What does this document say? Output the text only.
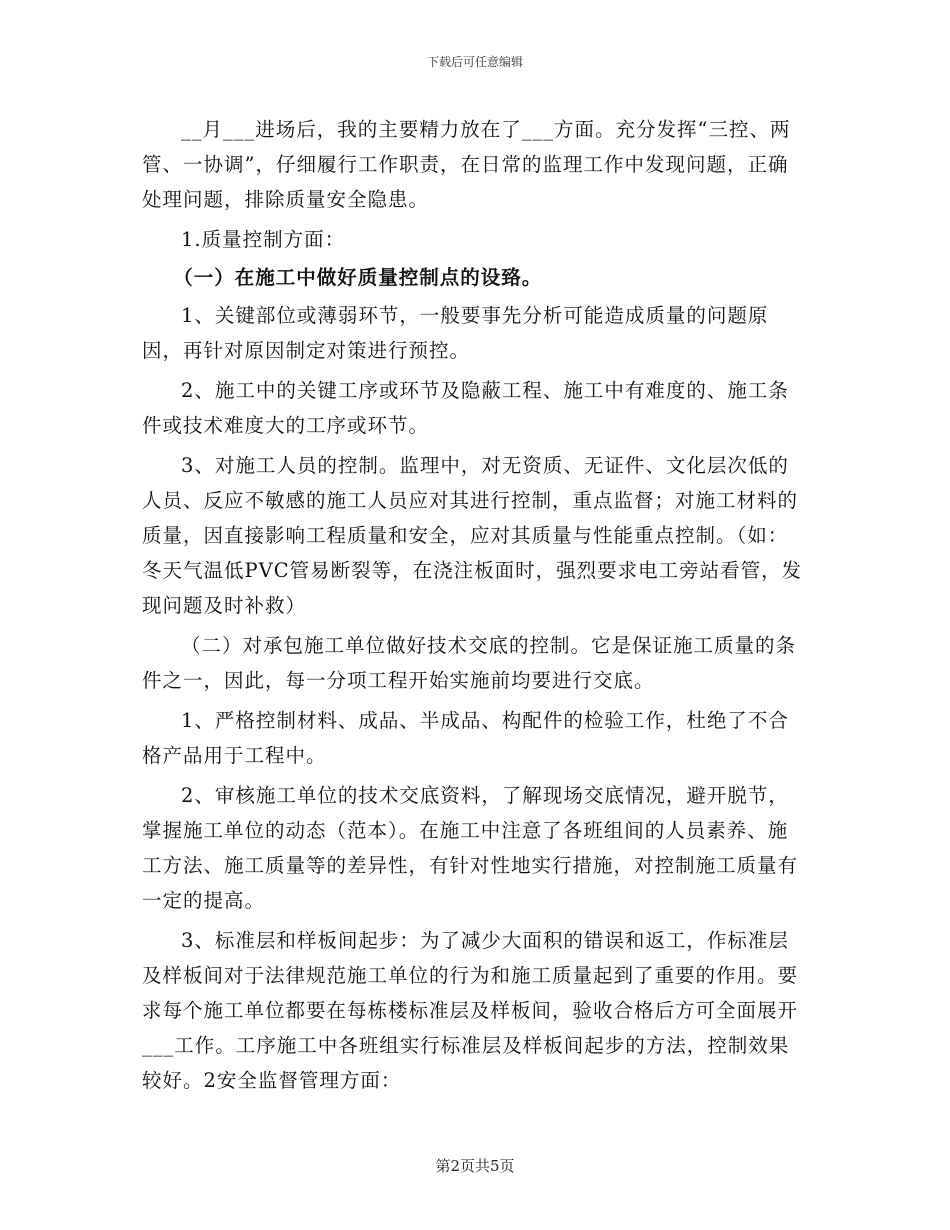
下载后可任意编辑

__月___进场后，我的主要精力放在了___方面。充分发挥“三控、两管、一协调”，仔细履行工作职责，在日常的监理工作中发现问题，正确处理问题，排除质量安全隐患。

1.质量控制方面：

（一）在施工中做好质量控制点的设臵。

1、关键部位或薄弱环节，一般要事先分析可能造成质量的问题原因，再针对原因制定对策进行预控。

2、施工中的关键工序或环节及隐蔽工程、施工中有难度的、施工条件或技术难度大的工序或环节。

3、对施工人员的控制。监理中，对无资质、无证件、文化层次低的人员、反应不敏感的施工人员应对其进行控制，重点监督；对施工材料的质量，因直接影响工程质量和安全，应对其质量与性能重点控制。（如：冬天气温低PVC管易断裂等，在浇注板面时，强烈要求电工旁站看管，发现问题及时补救）

（二）对承包施工单位做好技术交底的控制。它是保证施工质量的条件之一，因此，每一分项工程开始实施前均要进行交底。

1、严格控制材料、成品、半成品、构配件的检验工作，杜绝了不合格产品用于工程中。

2、审核施工单位的技术交底资料，了解现场交底情况，避开脱节，掌握施工单位的动态（范本）。在施工中注意了各班组间的人员素养、施工方法、施工质量等的差异性，有针对性地实行措施，对控制施工质量有一定的提高。

3、标准层和样板间起步：为了减少大面积的错误和返工，作标准层及样板间对于法律规范施工单位的行为和施工质量起到了重要的作用。要求每个施工单位都要在每栋楼标准层及样板间，验收合格后方可全面展开___工作。工序施工中各班组实行标准层及样板间起步的方法，控制效果较好。2安全监督管理方面：

第2页共5页
